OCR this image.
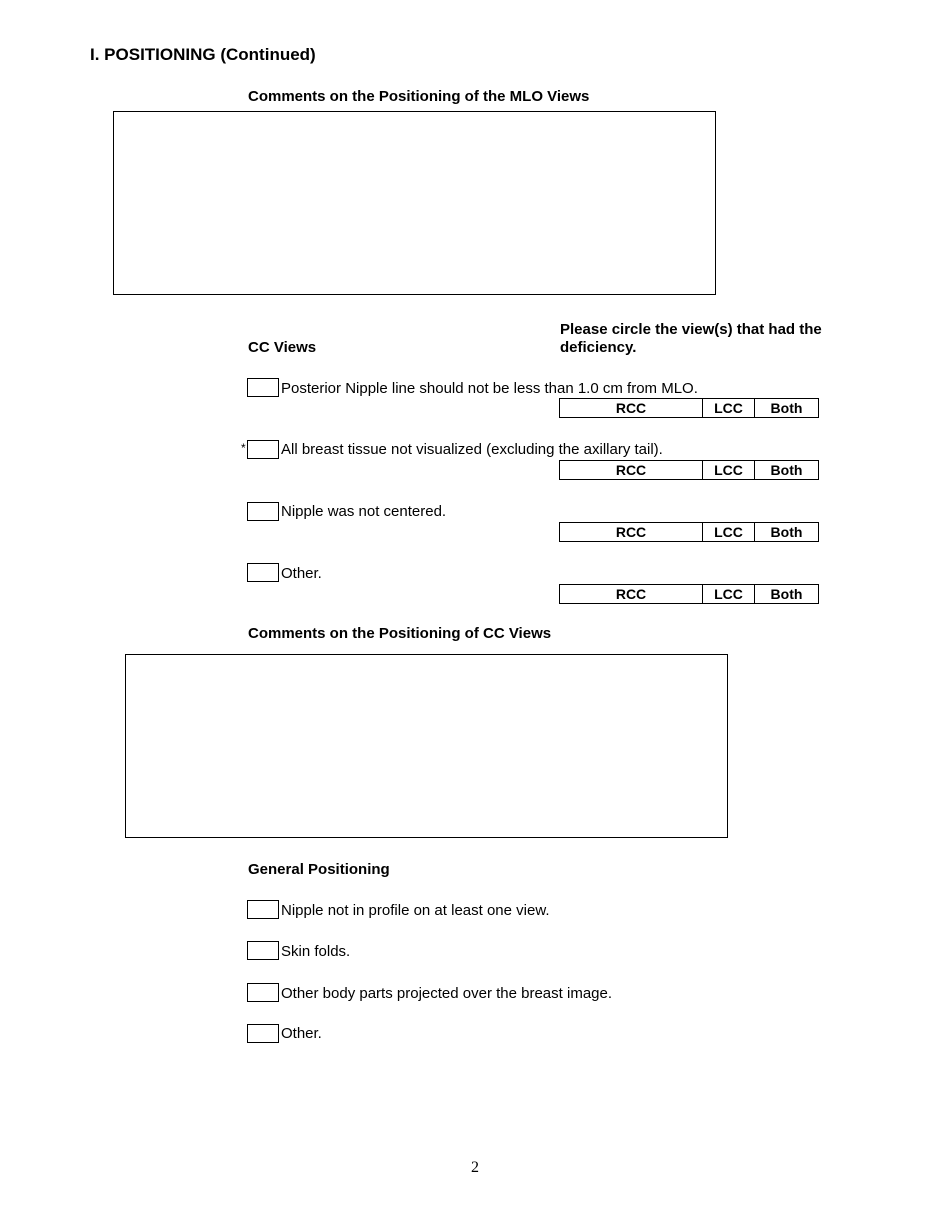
I. POSITIONING (Continued)
Comments on the Positioning of the MLO Views
CC Views
Please circle the view(s) that had the deficiency.
Posterior Nipple line should not be less than 1.0 cm from MLO.
RCC	LCC	Both
* All breast tissue not visualized (excluding the axillary tail).
RCC	LCC	Both
Nipple was not centered.
RCC	LCC	Both
Other.
RCC	LCC	Both
Comments on the Positioning of CC Views
General Positioning
Nipple not in profile on at least one view.
Skin folds.
Other body parts projected over the breast image.
Other.
2
